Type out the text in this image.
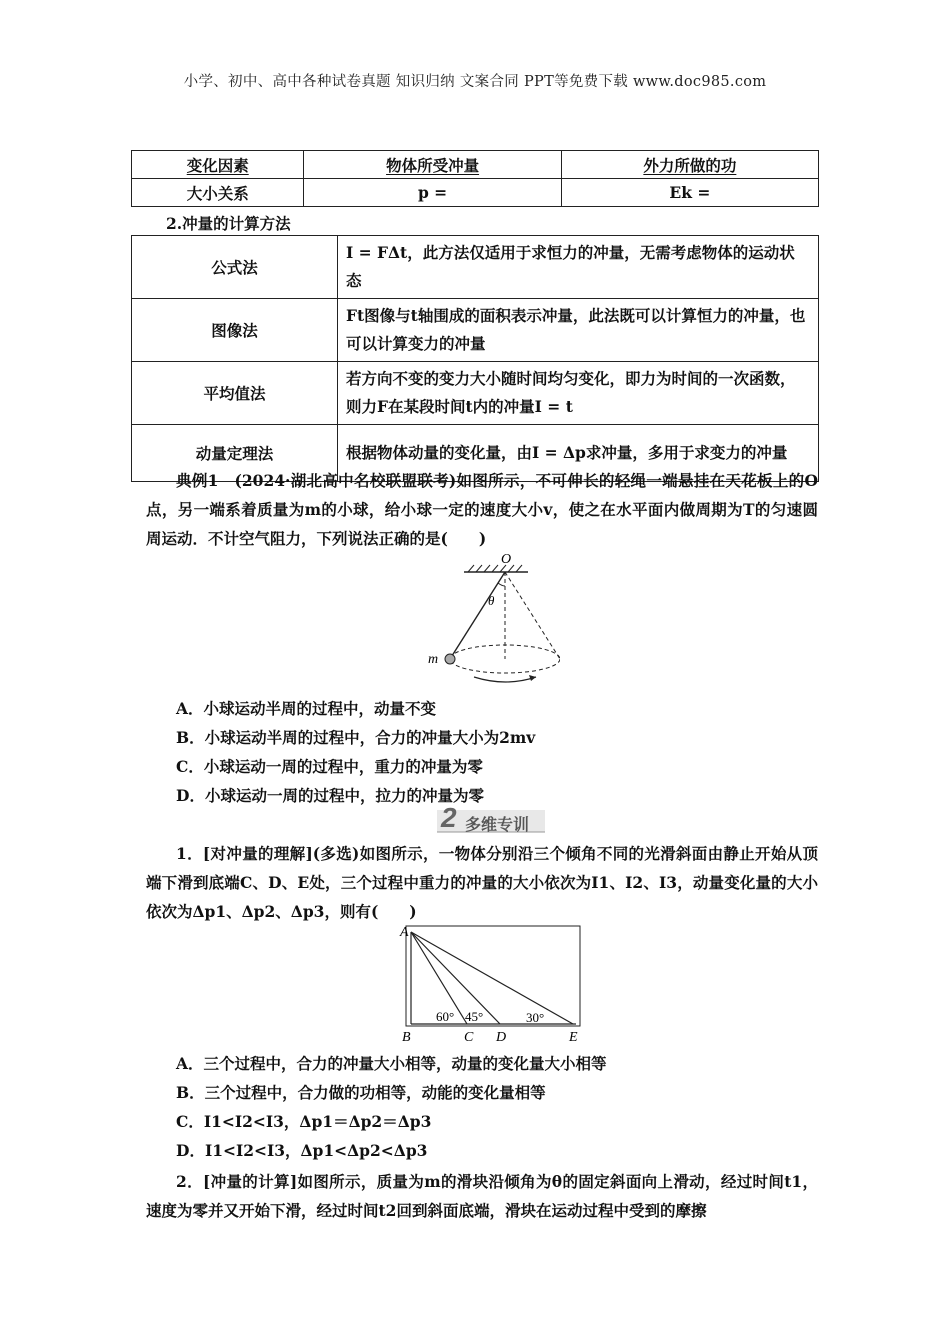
小学、初中、高中各种试卷真题 知识归纳 文案合同 PPT等免费下载 www.doc985.com
变化因素	物体所受冲量	外力所做的功
大小关系	p =	Ek =
2.冲量的计算方法
公式法	I = FΔt，此方法仅适用于求恒力的冲量，无需考虑物体的运动状态
图像法	Ft图像与t轴围成的面积表示冲量，此法既可以计算恒力的冲量，也可以计算变力的冲量
平均值法	若方向不变的变力大小随时间均匀变化，即力为时间的一次函数，则力F在某段时间t内的冲量I = t
动量定理法	根据物体动量的变化量，由I = Δp求冲量，多用于求变力的冲量
典例1　(2024·湖北高中名校联盟联考)如图所示，不可伸长的轻绳一端悬挂在天花板上的O点，另一端系着质量为m的小球，给小球一定的速度大小v，使之在水平面内做周期为T的匀速圆周运动．不计空气阻力，下列说法正确的是(　　)
O
θ
m
A．小球运动半周的过程中，动量不变
B．小球运动半周的过程中，合力的冲量大小为2mv
C．小球运动一周的过程中，重力的冲量为零
D．小球运动一周的过程中，拉力的冲量为零
2 多维专训
1．[对冲量的理解](多选)如图所示，一物体分别沿三个倾角不同的光滑斜面由静止开始从顶端下滑到底端C、D、E处，三个过程中重力的冲量的大小依次为I1、I2、I3，动量变化量的大小依次为Δp1、Δp2、Δp3，则有(　　)
A
B	C D	E
60° 45°	30°
A．三个过程中，合力的冲量大小相等，动量的变化量大小相等
B．三个过程中，合力做的功相等，动能的变化量相等
C．I1<I2<I3，Δp1＝Δp2＝Δp3
D．I1<I2<I3，Δp1<Δp2<Δp3
2．[冲量的计算]如图所示，质量为m的滑块沿倾角为θ的固定斜面向上滑动，经过时间t1，速度为零并又开始下滑，经过时间t2回到斜面底端，滑块在运动过程中受到的摩擦
